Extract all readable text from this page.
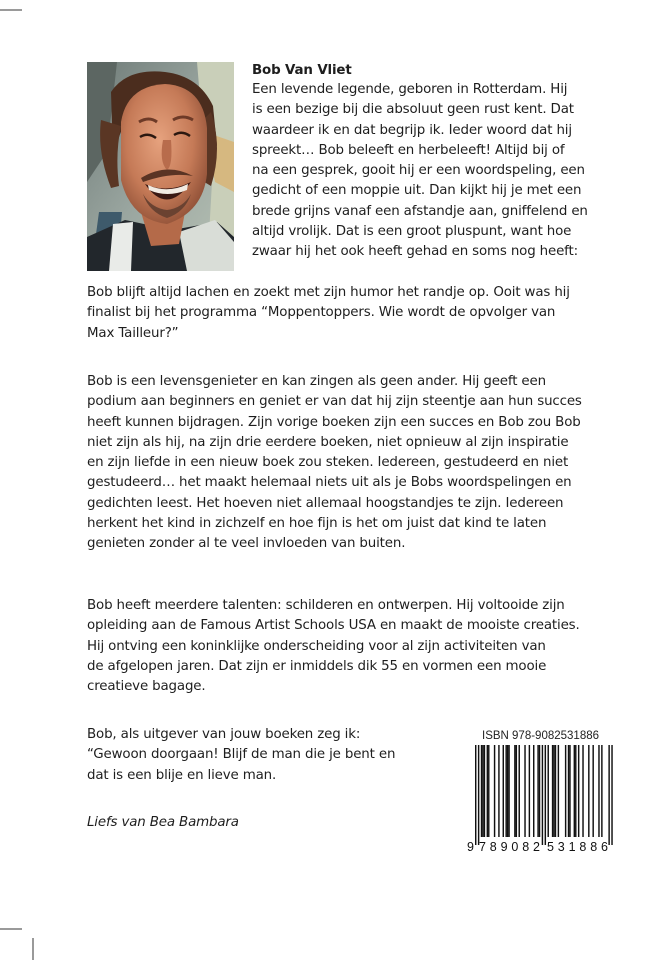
Bob Van Vliet

Een levende legende, geboren in Rotterdam. Hij
is een bezige bij die absoluut geen rust kent. Dat
waardeer ik en dat begrijp ik. Ieder woord dat hij
spreekt… Bob beleeft en herbeleeft! Altijd bij of
na een gesprek, gooit hij er een woordspeling, een
gedicht of een moppie uit. Dan kijkt hij je met een
brede grijns vanaf een afstandje aan, gniffelend en
altijd vrolijk. Dat is een groot pluspunt, want hoe
zwaar hij het ook heeft gehad en soms nog heeft:

Bob blijft altijd lachen en zoekt met zijn humor het randje op. Ooit was hij
finalist bij het programma “Moppentoppers. Wie wordt de opvolger van
Max Tailleur?”

Bob is een levensgenieter en kan zingen als geen ander. Hij geeft een
podium aan beginners en geniet er van dat hij zijn steentje aan hun succes
heeft kunnen bijdragen. Zijn vorige boeken zijn een succes en Bob zou Bob
niet zijn als hij, na zijn drie eerdere boeken, niet opnieuw al zijn inspiratie
en zijn liefde in een nieuw boek zou steken. Iedereen, gestudeerd en niet
gestudeerd… het maakt helemaal niets uit als je Bobs woordspelingen en
gedichten leest. Het hoeven niet allemaal hoogstandjes te zijn. Iedereen
herkent het kind in zichzelf en hoe fijn is het om juist dat kind te laten
genieten zonder al te veel invloeden van buiten.

Bob heeft meerdere talenten: schilderen en ontwerpen. Hij voltooide zijn
opleiding aan de Famous Artist Schools USA en maakt de mooiste creaties.
Hij ontving een koninklijke onderscheiding voor al zijn activiteiten van
de afgelopen jaren. Dat zijn er inmiddels dik 55 en vormen een mooie
creatieve bagage.

Bob, als uitgever van jouw boeken zeg ik:
“Gewoon doorgaan! Blijf de man die je bent en
dat is een blije en lieve man.

Liefs van Bea Bambara
ISBN 978-9082531886
9 789082 531886
